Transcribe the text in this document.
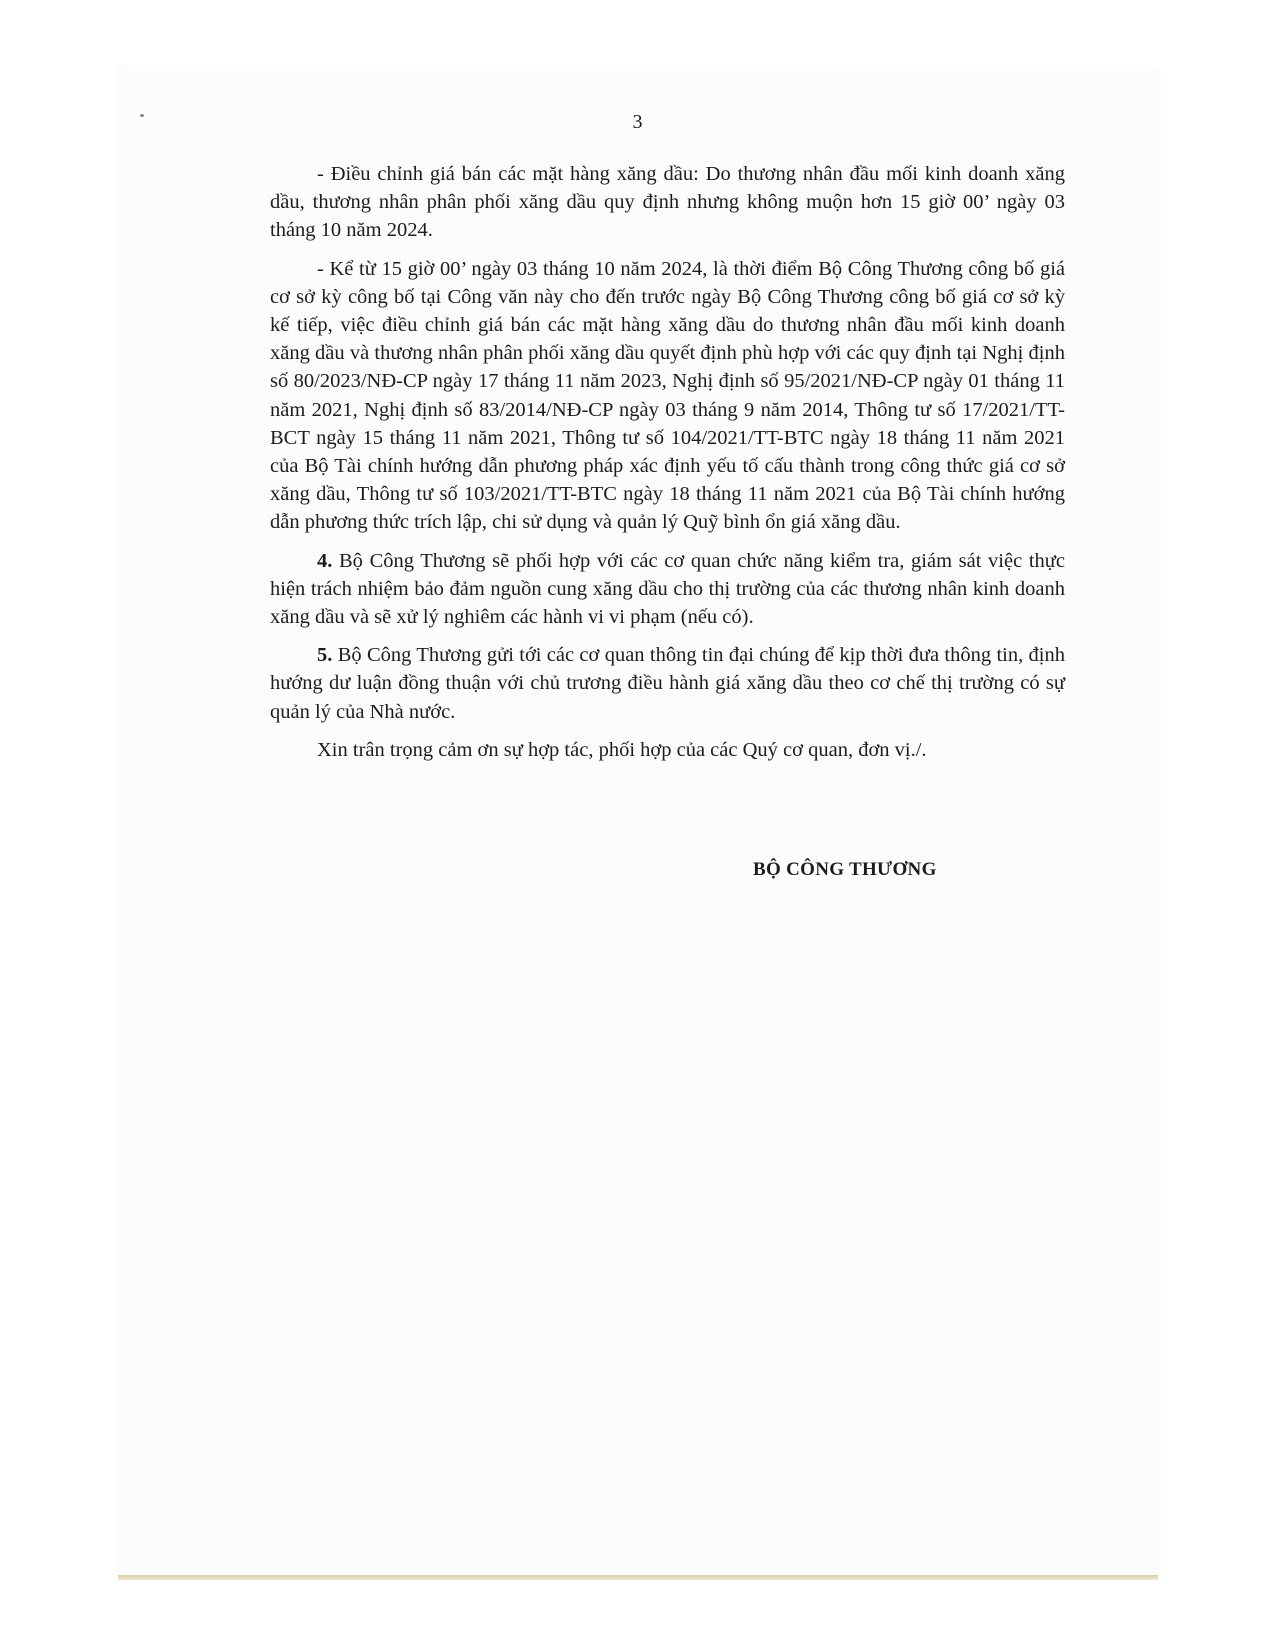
3

- Điều chỉnh giá bán các mặt hàng xăng dầu: Do thương nhân đầu mối kinh doanh xăng dầu, thương nhân phân phối xăng dầu quy định nhưng không muộn hơn 15 giờ 00’ ngày 03 tháng 10 năm 2024.

- Kể từ 15 giờ 00’ ngày 03 tháng 10 năm 2024, là thời điểm Bộ Công Thương công bố giá cơ sở kỳ công bố tại Công văn này cho đến trước ngày Bộ Công Thương công bố giá cơ sở kỳ kế tiếp, việc điều chỉnh giá bán các mặt hàng xăng dầu do thương nhân đầu mối kinh doanh xăng dầu và thương nhân phân phối xăng dầu quyết định phù hợp với các quy định tại Nghị định số 80/2023/NĐ-CP ngày 17 tháng 11 năm 2023, Nghị định số 95/2021/NĐ-CP ngày 01 tháng 11 năm 2021, Nghị định số 83/2014/NĐ-CP ngày 03 tháng 9 năm 2014, Thông tư số 17/2021/TT-BCT ngày 15 tháng 11 năm 2021, Thông tư số 104/2021/TT-BTC ngày 18 tháng 11 năm 2021 của Bộ Tài chính hướng dẫn phương pháp xác định yếu tố cấu thành trong công thức giá cơ sở xăng dầu, Thông tư số 103/2021/TT-BTC ngày 18 tháng 11 năm 2021 của Bộ Tài chính hướng dẫn phương thức trích lập, chi sử dụng và quản lý Quỹ bình ổn giá xăng dầu.

4. Bộ Công Thương sẽ phối hợp với các cơ quan chức năng kiểm tra, giám sát việc thực hiện trách nhiệm bảo đảm nguồn cung xăng dầu cho thị trường của các thương nhân kinh doanh xăng dầu và sẽ xử lý nghiêm các hành vi vi phạm (nếu có).

5. Bộ Công Thương gửi tới các cơ quan thông tin đại chúng để kịp thời đưa thông tin, định hướng dư luận đồng thuận với chủ trương điều hành giá xăng dầu theo cơ chế thị trường có sự quản lý của Nhà nước.

Xin trân trọng cảm ơn sự hợp tác, phối hợp của các Quý cơ quan, đơn vị./.

BỘ CÔNG THƯƠNG
